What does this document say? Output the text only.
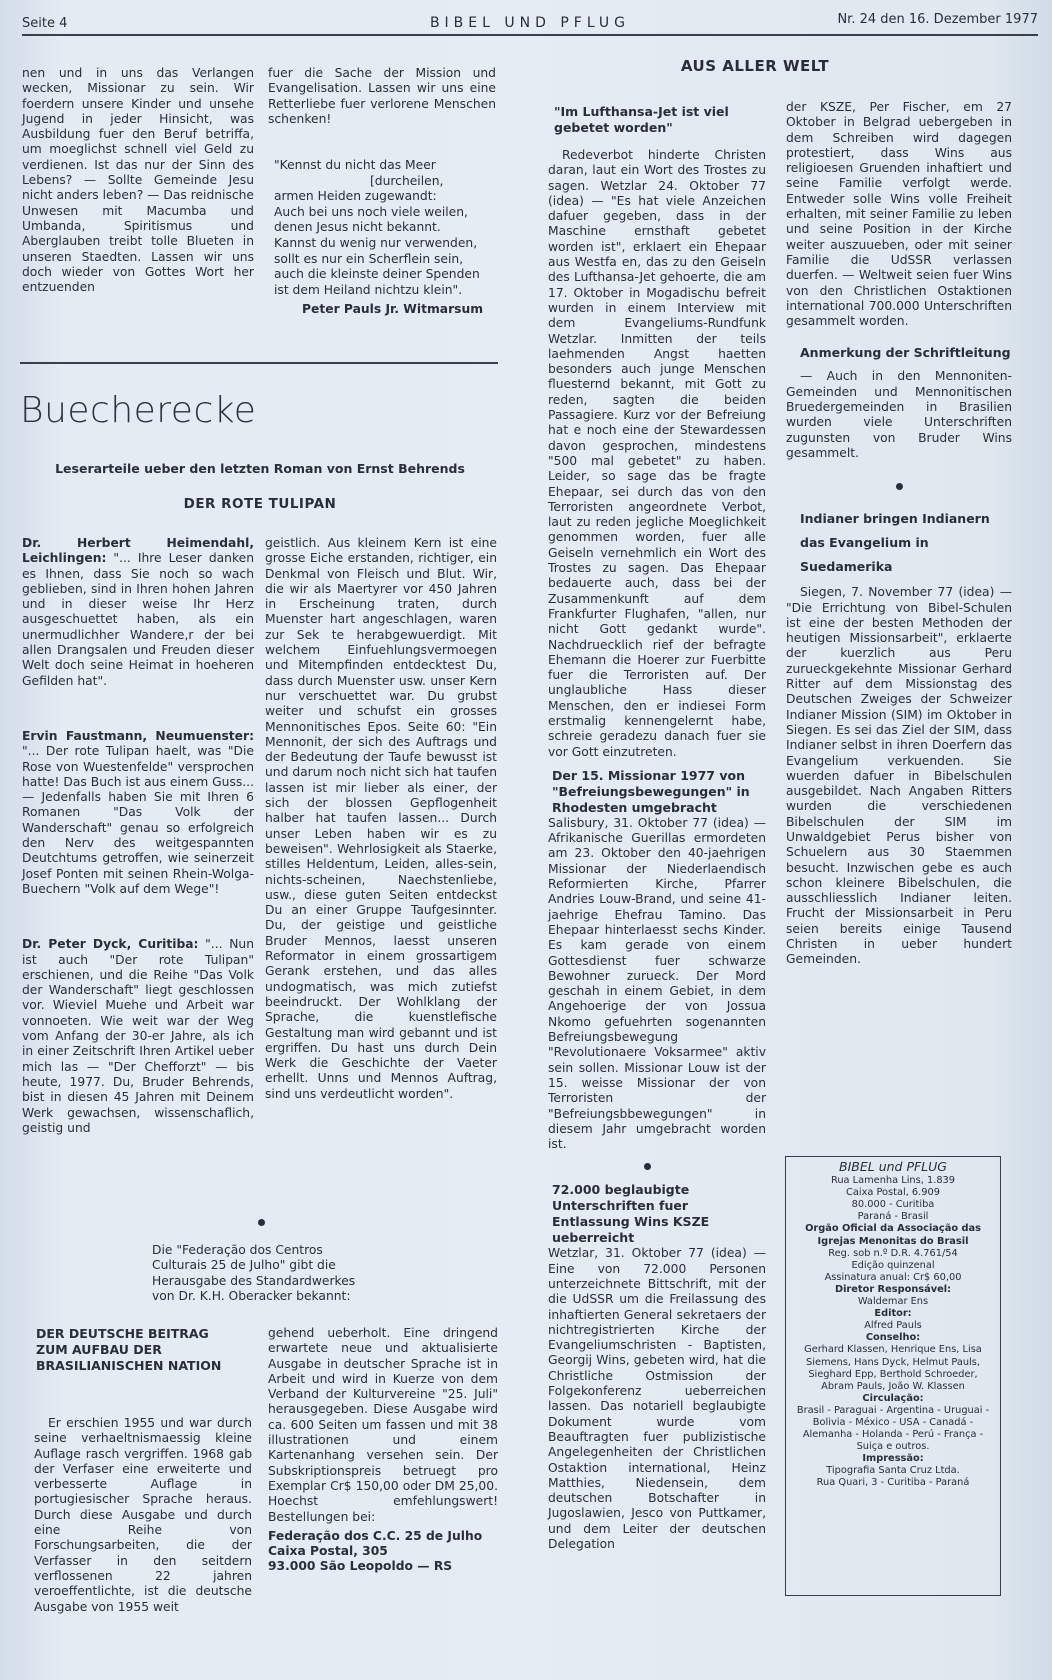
Seite 4	BIBEL UND PFLUG	Nr. 24 den 16. Dezember 1977

nen und in uns das Verlangen wecken, Missionar zu sein. Wir foerdern unsere Kinder und unsehe Jugend in jeder Hinsicht, was Ausbildung fuer den Beruf betriffa, um moeglichst schnell viel Geld zu verdienen. Ist das nur der Sinn des Lebens? — Sollte Gemeinde Jesu nicht anders leben? — Das reidnische Unwesen mit Macumba und Umbanda, Spiritismus und Aberglauben treibt tolle Blueten in unseren Staedten. Lassen wir uns doch wieder von Gottes Wort her entzuenden

fuer die Sache der Mission und Evangelisation. Lassen wir uns eine Retterliebe fuer verlorene Menschen schenken!

"Kennst du nicht das Meer
[durcheilen,
armen Heiden zugewandt:
Auch bei uns noch viele weilen,
denen Jesus nicht bekannt.
Kannst du wenig nur verwenden,
sollt es nur ein Scherflein sein,
auch die kleinste deiner Spenden
ist dem Heiland nichtzu klein".
Peter Pauls Jr. Witmarsum
Buecherecke
Leserarteile ueber den letzten Roman von Ernst Behrends
DER ROTE TULIPAN

Dr. Herbert Heimendahl, Leichlingen: "... Ihre Leser danken es Ihnen, dass Sie noch so wach geblieben, sind in Ihren hohen Jahren und in dieser weise Ihr Herz ausgeschuettet haben, als ein unermudlichher Wandere,r der bei allen Drangsalen und Freuden dieser Welt doch seine Heimat in hoeheren Gefilden hat".

Ervin Faustmann, Neumuenster: "... Der rote Tulipan haelt, was "Die Rose von Wuestenfelde" versprochen hatte! Das Buch ist aus einem Guss... — Jedenfalls haben Sie mit Ihren 6 Romanen "Das Volk der Wanderschaft" genau so erfolgreich den Nerv des weitgespannten Deutchtums getroffen, wie seinerzeit Josef Ponten mit seinen Rhein-Wolga-Buechern "Volk auf dem Wege"!

Dr. Peter Dyck, Curitiba: "... Nun ist auch "Der rote Tulipan" erschienen, und die Reihe "Das Volk der Wanderschaft" liegt geschlossen vor. Wieviel Muehe und Arbeit war vonnoeten. Wie weit war der Weg vom Anfang der 30-er Jahre, als ich in einer Zeitschrift Ihren Artikel ueber mich las — "Der Chefforzt" — bis heute, 1977. Du, Bruder Behrends, bist in diesen 45 Jahren mit Deinem Werk gewachsen, wissenschaflich, geistig und

geistlich. Aus kleinem Kern ist eine grosse Eiche erstanden, richtiger, ein Denkmal von Fleisch und Blut. Wir, die wir als Maertyrer vor 450 Jahren in Erscheinung traten, durch Muenster hart angeschlagen, waren zur Sek te herabgewuerdigt. Mit welchem Einfuehlungsvermoegen und Mitempfinden entdecktest Du, dass durch Muenster usw. unser Kern nur verschuettet war. Du grubst weiter und schufst ein grosses Mennonitisches Epos. Seite 60: "Ein Mennonit, der sich des Auftrags und der Bedeutung der Taufe bewusst ist und darum noch nicht sich hat taufen lassen ist mir lieber als einer, der sich der blossen Gepflogenheit halber hat taufen lassen... Durch unser Leben haben wir es zu beweisen". Wehrlosigkeit als Staerke, stilles Heldentum, Leiden, alles-sein, nichts-scheinen, Naechstenliebe, usw., diese guten Seiten entdeckst Du an einer Gruppe Taufgesinnter. Du, der geistige und geistliche Bruder Mennos, laesst unseren Reformator in einem grossartigem Gerank erstehen, und das alles undogmatisch, was mich zutiefst beeindruckt. Der Wohlklang der Sprache, die kuenstlefische Gestaltung man wird gebannt und ist ergriffen. Du hast uns durch Dein Werk die Geschichte der Vaeter erhellt. Unns und Mennos Auftrag, sind uns verdeutlicht worden".

Die "Federação dos Centros Culturais 25 de Julho" gibt die Herausgabe des Standardwerkes von Dr. K.H. Oberacker bekannt:

DER DEUTSCHE BEITRAG ZUM AUFBAU DER BRASILIANISCHEN NATION

Er erschien 1955 und war durch seine verhaeltnismaessig kleine Auflage rasch vergriffen. 1968 gab der Verfaser eine erweiterte und verbesserte Auflage in portugiesischer Sprache heraus. Durch diese Ausgabe und durch eine Reihe von Forschungsarbeiten, die der Verfasser in den seitdern verflossenen 22 jahren veroeffentlichte, ist die deutsche Ausgabe von 1955 weit

gehend ueberholt. Eine dringend erwartete neue und aktualisierte Ausgabe in deutscher Sprache ist in Arbeit und wird in Kuerze von dem Verband der Kulturvereine "25. Juli" herausgegeben. Diese Ausgabe wird ca. 600 Seiten um fassen und mit 38 illustrationen und einem Kartenanhang versehen sein. Der Subskriptionspreis betruegt pro Exemplar Cr$ 150,00 oder DM 25,00. Hoechst emfehlungswert! Bestellungen bei:

Federação dos C.C. 25 de Julho
Caixa Postal, 305
93.000 São Leopoldo — RS
AUS ALLER WELT
"Im Lufthansa-Jet ist viel gebetet worden"

Redeverbot hinderte Christen daran, laut ein Wort des Trostes zu sagen. Wetzlar 24. Oktober 77 (idea) — "Es hat viele Anzeichen dafuer gegeben, dass in der Maschine ernsthaft gebetet worden ist", erklaert ein Ehepaar aus Westfa en, das zu den Geiseln des Lufthansa-Jet gehoerte, die am 17. Oktober in Mogadischu befreit wurden in einem Interview mit dem Evangeliums-Rundfunk Wetzlar. Inmitten der teils laehmenden Angst haetten besonders auch junge Menschen fluesternd bekannt, mit Gott zu reden, sagten die beiden Passagiere. Kurz vor der Befreiung hat e noch eine der Stewardessen davon gesprochen, mindestens "500 mal gebetet" zu haben. Leider, so sage das be fragte Ehepaar, sei durch das von den Terroristen angeordnete Verbot, laut zu reden jegliche Moeglichkeit genommen worden, fuer alle Geiseln vernehmlich ein Wort des Trostes zu sagen. Das Ehepaar bedauerte auch, dass bei der Zusammenkunft auf dem Frankfurter Flughafen, "allen, nur nicht Gott gedankt wurde". Nachdruecklich rief der befragte Ehemann die Hoerer zur Fuerbitte fuer die Terroristen auf. Der unglaubliche Hass dieser Menschen, den er indiesei Form erstmalig kennengelernt habe, schreie geradezu danach fuer sie vor Gott einzutreten.

Der 15. Missionar 1977 von "Befreiungsbewegungen" in Rhodesten umgebracht

Salisbury, 31. Oktober 77 (idea) — Afrikanische Guerillas ermordeten am 23. Oktober den 40-jaehrigen Missionar der Niederlaendisch Reformierten Kirche, Pfarrer Andries Louw-Brand, und seine 41-jaehrige Ehefrau Tamino. Das Ehepaar hinterlaesst sechs Kinder. Es kam gerade von einem Gottesdienst fuer schwarze Bewohner zurueck. Der Mord geschah in einem Gebiet, in dem Angehoerige der von Jossua Nkomo gefuehrten sogenannten Befreiungsbewegung "Revolutionaere Voksarmee" aktiv sein sollen. Missionar Louw ist der 15. weisse Missionar der von Terroristen der "Befreiungsbbewegungen" in diesem Jahr umgebracht worden ist.

72.000 beglaubigte Unterschriften fuer Entlassung Wins KSZE ueberreicht

Wetzlar, 31. Oktober 77 (idea) — Eine von 72.000 Personen unterzeichnete Bittschrift, mit der die UdSSR um die Freilassung des inhaftierten General sekretaers der nichtregistrierten Kirche der Evangeliumschristen - Baptisten, Georgij Wins, gebeten wird, hat die Christliche Ostmission der Folgekonferenz ueberreichen lassen. Das notariell beglaubigte Dokument wurde vom Beauftragten fuer publizistische Angelegenheiten der Christlichen Ostaktion international, Heinz Matthies, Niedensein, dem deutschen Botschafter in Jugoslawien, Jesco von Puttkamer, und dem Leiter der deutschen Delegation

der KSZE, Per Fischer, em 27 Oktober in Belgrad uebergeben in dem Schreiben wird dagegen protestiert, dass Wins aus religioesen Gruenden inhaftiert und seine Familie verfolgt werde. Entweder solle Wins volle Freiheit erhalten, mit seiner Familie zu leben und seine Position in der Kirche weiter auszuueben, oder mit seiner Familie die UdSSR verlassen duerfen. — Weltweit seien fuer Wins von den Christlichen Ostaktionen international 700.000 Unterschriften gesammelt worden.

Anmerkung der Schriftleitung

— Auch in den Mennoniten-Gemeinden und Mennonitischen Bruedergemeinden in Brasilien wurden viele Unterschriften zugunsten von Bruder Wins gesammelt.

Indianer bringen Indianern das Evangelium in Suedamerika

Siegen, 7. November 77 (idea) — "Die Errichtung von Bibel-Schulen ist eine der besten Methoden der heutigen Missionsarbeit", erklaerte der kuerzlich aus Peru zurueckgekehnte Missionar Gerhard Ritter auf dem Missionstag des Deutschen Zweiges der Schweizer Indianer Mission (SIM) im Oktober in Siegen. Es sei das Ziel der SIM, dass Indianer selbst in ihren Doerfern das Evangelium verkuenden. Sie wuerden dafuer in Bibelschulen ausgebildet. Nach Angaben Ritters wurden die verschiedenen Bibelschulen der SIM im Unwaldgebiet Perus bisher von Schuelern aus 30 Staemmen besucht. Inzwischen gebe es auch schon kleinere Bibelschulen, die ausschliesslich Indianer leiten. Frucht der Missionsarbeit in Peru seien bereits einige Tausend Christen in ueber hundert Gemeinden.

BIBEL und PFLUG
Rua Lamenha Lins, 1.839
Caixa Postal, 6.909
80.000 - Curitiba
Paraná - Brasil
Orgão Oficial da Associação das Igrejas Menonitas do Brasil
Reg. sob n.º D.R. 4.761/54
Edição quinzenal
Assinatura anual: Cr$ 60,00
Diretor Responsável:
Waldemar Ens
Editor:
Alfred Pauls
Conselho:
Gerhard Klassen, Henrique Ens, Lisa Siemens, Hans Dyck, Helmut Pauls, Sieghard Epp, Berthold Schroeder, Abram Pauls, João W. Klassen
Circulação:
Brasil - Paraguai - Argentina - Uruguai - Bolivia - México - USA - Canadá - Alemanha - Holanda - Perú - França - Suiça e outros.
Impressão:
Tipografia Santa Cruz Ltda.
Rua Quari, 3 - Curitiba - Paraná
